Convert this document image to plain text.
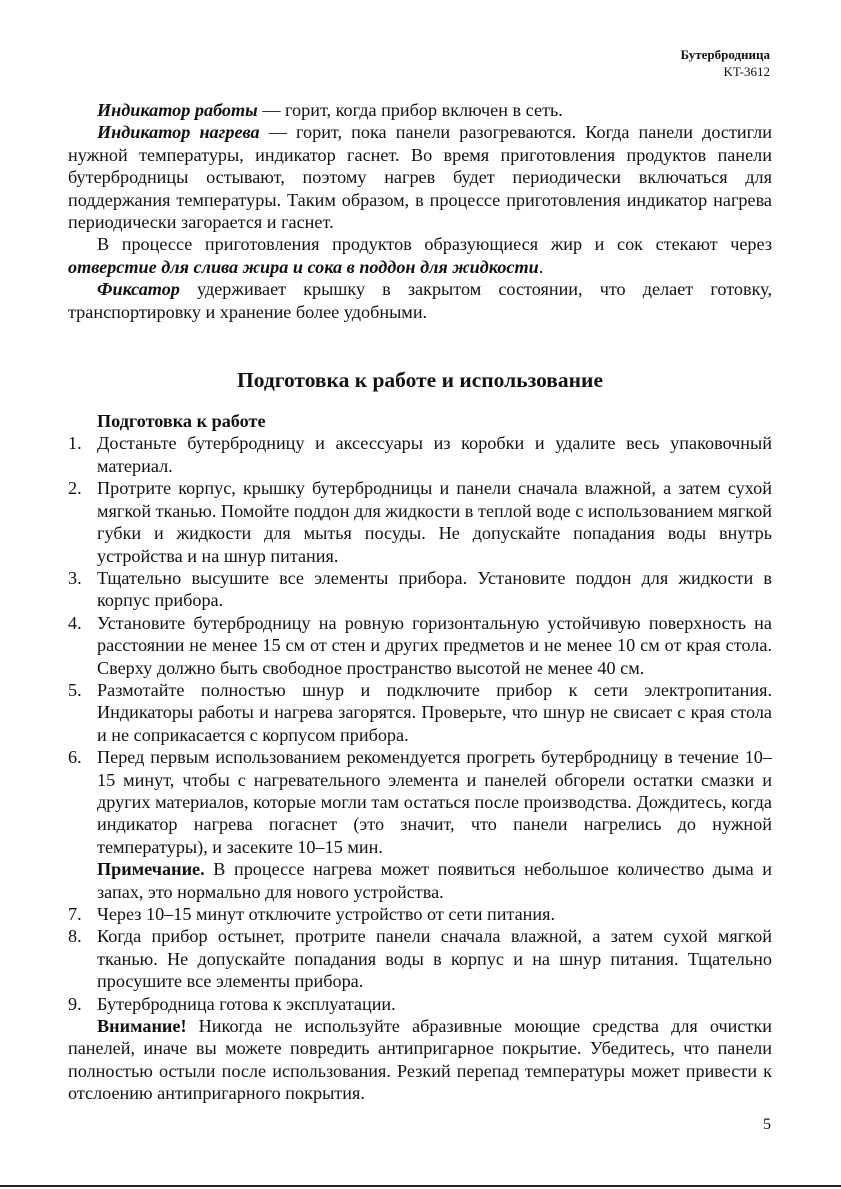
Бутербродница
KT-3612

Индикатор работы — горит, когда прибор включен в сеть.

Индикатор нагрева — горит, пока панели разогреваются. Когда панели достигли нужной температуры, индикатор гаснет. Во время приготовления продуктов панели бутербродницы остывают, поэтому нагрев будет периодически включаться для поддержания температуры. Таким образом, в процессе приготовления индикатор нагрева периодически загорается и гаснет.

В процессе приготовления продуктов образующиеся жир и сок стекают через отверстие для слива жира и сока в поддон для жидкости.

Фиксатор удерживает крышку в закрытом состоянии, что делает готовку, транспортировку и хранение более удобными.

Подготовка к работе и использование
Подготовка к работе
1. Достаньте бутербродницу и аксессуары из коробки и удалите весь упаковочный материал.
2. Протрите корпус, крышку бутербродницы и панели сначала влажной, а затем сухой мягкой тканью. Помойте поддон для жидкости в теплой воде с использованием мягкой губки и жидкости для мытья посуды. Не допускайте попадания воды внутрь устройства и на шнур питания.
3. Тщательно высушите все элементы прибора. Установите поддон для жидкости в корпус прибора.
4. Установите бутербродницу на ровную горизонтальную устойчивую поверхность на расстоянии не менее 15 см от стен и других предметов и не менее 10 см от края стола. Сверху должно быть свободное пространство высотой не менее 40 см.
5. Размотайте полностью шнур и подключите прибор к сети электропитания. Индикаторы работы и нагрева загорятся. Проверьте, что шнур не свисает с края стола и не соприкасается с корпусом прибора.
6. Перед первым использованием рекомендуется прогреть бутербродницу в течение 10–15 минут, чтобы с нагревательного элемента и панелей обгорели остатки смазки и других материалов, которые могли там остаться после производства. Дождитесь, когда индикатор нагрева погаснет (это значит, что панели нагрелись до нужной температуры), и засеките 10–15 мин.

Примечание. В процессе нагрева может появиться небольшое количество дыма и запах, это нормально для нового устройства.

7. Через 10–15 минут отключите устройство от сети питания.
8. Когда прибор остынет, протрите панели сначала влажной, а затем сухой мягкой тканью. Не допускайте попадания воды в корпус и на шнур питания. Тщательно просушите все элементы прибора.
9. Бутербродница готова к эксплуатации.

Внимание! Никогда не используйте абразивные моющие средства для очистки панелей, иначе вы можете повредить антипригарное покрытие. Убедитесь, что панели полностью остыли после использования. Резкий перепад температуры может привести к отслоению антипригарного покрытия.

5
